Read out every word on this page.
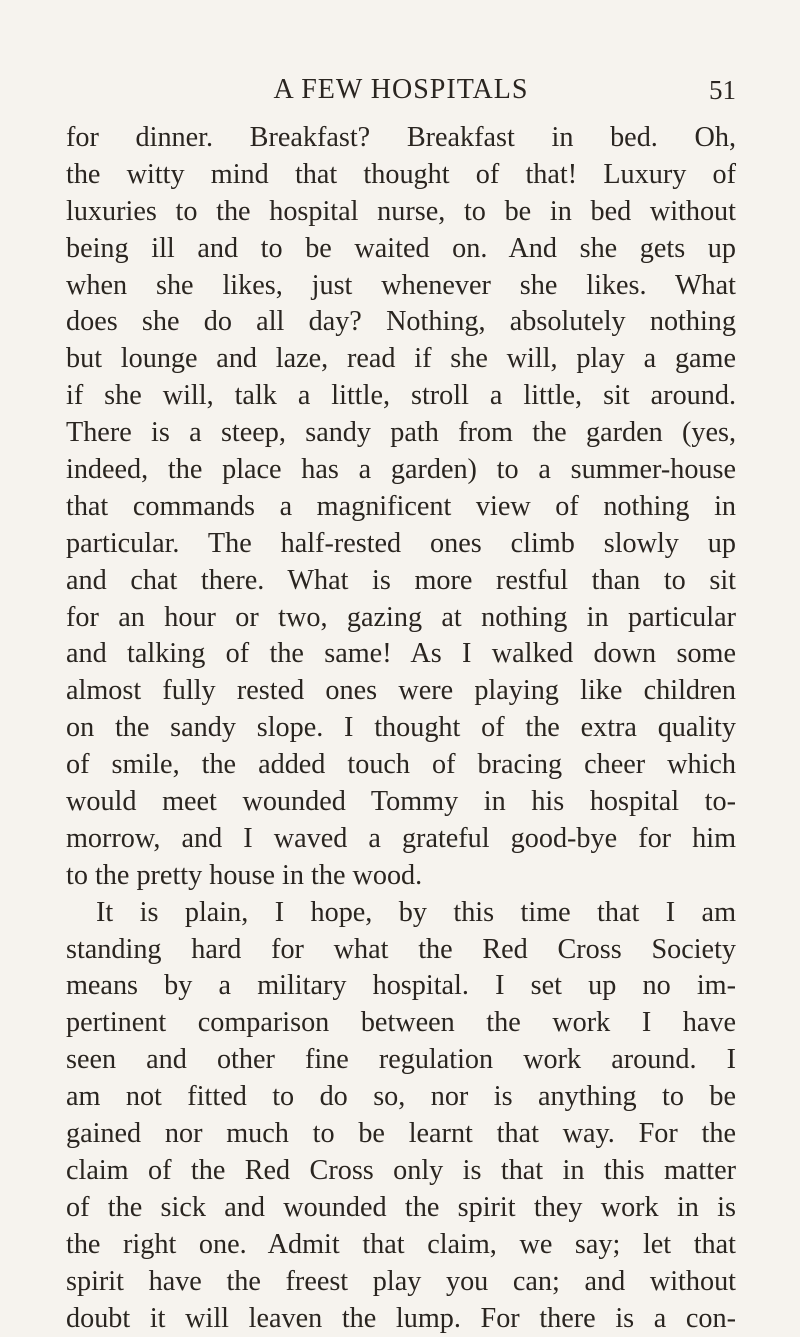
A FEW HOSPITALS	51
for dinner. Breakfast? Breakfast in bed. Oh,
the witty mind that thought of that! Luxury of
luxuries to the hospital nurse, to be in bed without
being ill and to be waited on. And she gets up
when she likes, just whenever she likes. What
does she do all day? Nothing, absolutely nothing
but lounge and laze, read if she will, play a game
if she will, talk a little, stroll a little, sit around.
There is a steep, sandy path from the garden (yes,
indeed, the place has a garden) to a summer-house
that commands a magnificent view of nothing in
particular. The half-rested ones climb slowly up
and chat there. What is more restful than to sit
for an hour or two, gazing at nothing in particular
and talking of the same! As I walked down some
almost fully rested ones were playing like children
on the sandy slope. I thought of the extra quality
of smile, the added touch of bracing cheer which
would meet wounded Tommy in his hospital to-
morrow, and I waved a grateful good-bye for him
to the pretty house in the wood.
It is plain, I hope, by this time that I am
standing hard for what the Red Cross Society
means by a military hospital. I set up no im-
pertinent comparison between the work I have
seen and other fine regulation work around. I
am not fitted to do so, nor is anything to be
gained nor much to be learnt that way. For the
claim of the Red Cross only is that in this matter
of the sick and wounded the spirit they work in is
the right one. Admit that claim, we say; let that
spirit have the freest play you can; and without
doubt it will leaven the lump. For there is a con-
